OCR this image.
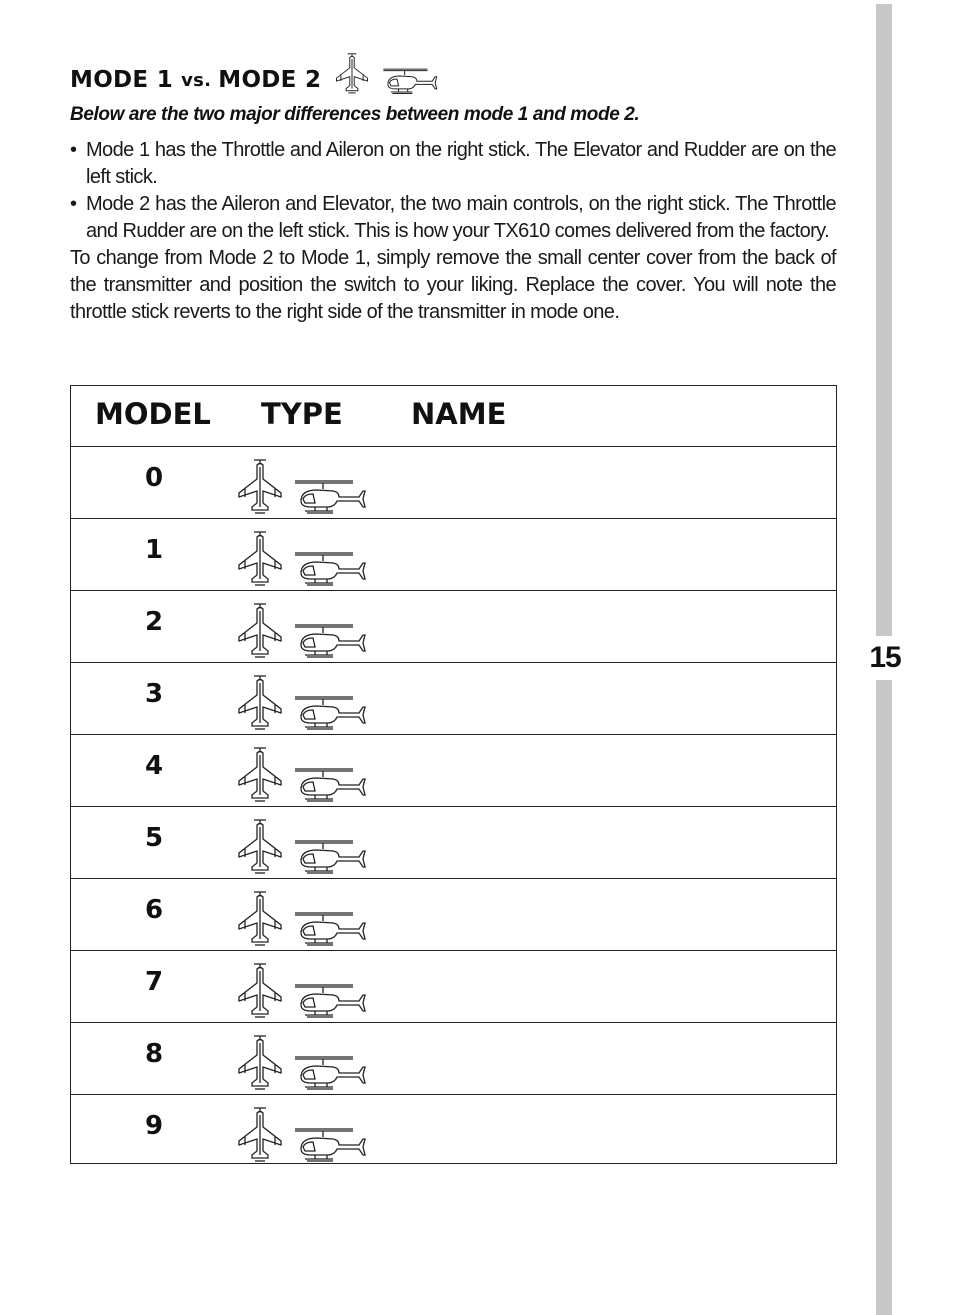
15
MODE 1 vs. MODE 2
Below are the two major differences between mode 1 and mode 2.
• Mode 1 has the Throttle and Aileron on the right stick. The Elevator and Rudder are on the left stick.
• Mode 2 has the Aileron and Elevator, the two main controls, on the right stick. The Throttle and Rudder are on the left stick. This is how your TX610 comes delivered from the factory.
To change from Mode 2 to Mode 1, simply remove the small center cover from the back of the transmitter and position the switch to your liking. Replace the cover. You will note the throttle stick reverts to the right side of the transmitter in mode one.
MODEL TYPE NAME
0
1
2
3
4
5
6
7
8
9
